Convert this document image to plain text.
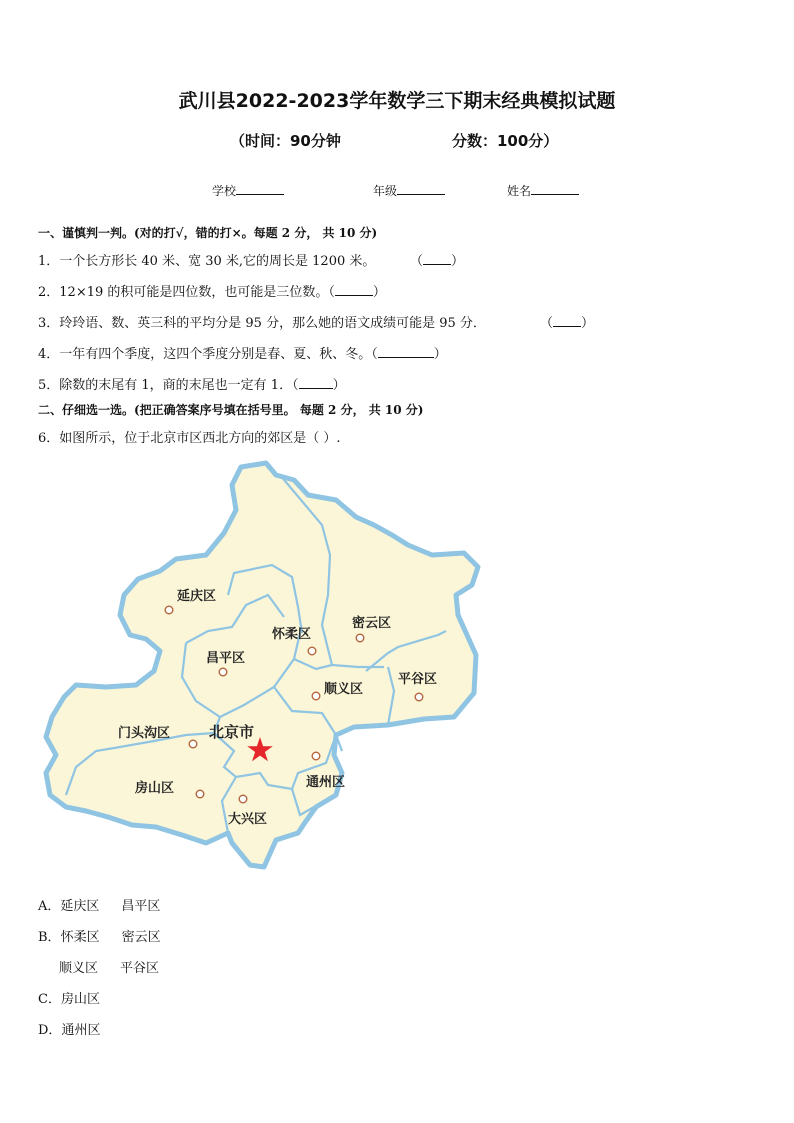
武川县2022-2023学年数学三下期末经典模拟试题
（时间：90分钟	分数：100分）
学校	年级	姓名
一、谨慎判一判。(对的打√，错的打×。每题 2 分， 共 10 分)
1．一个长方形长 40 米、宽 30 米,它的周长是 1200 米。	（ ）
2．12×19 的积可能是四位数，也可能是三位数。（	）
3．玲玲语、数、英三科的平均分是 95 分，那么她的语文成绩可能是 95 分．	（ ）
4．一年有四个季度，这四个季度分别是春、夏、秋、冬。（	）
5．除数的末尾有 1，商的末尾也一定有 1．（	）
二、仔细选一选。(把正确答案序号填在括号里。 每题 2 分， 共 10 分)
6．如图所示，位于北京市区西北方向的郊区是（ ）.
延庆区
怀柔区
密云区
昌平区
顺义区
平谷区
门头沟区	北京市
房山区	通州区
大兴区
A．延庆区 昌平区
B．怀柔区 密云区
顺义区 平谷区
C．房山区
D．通州区
